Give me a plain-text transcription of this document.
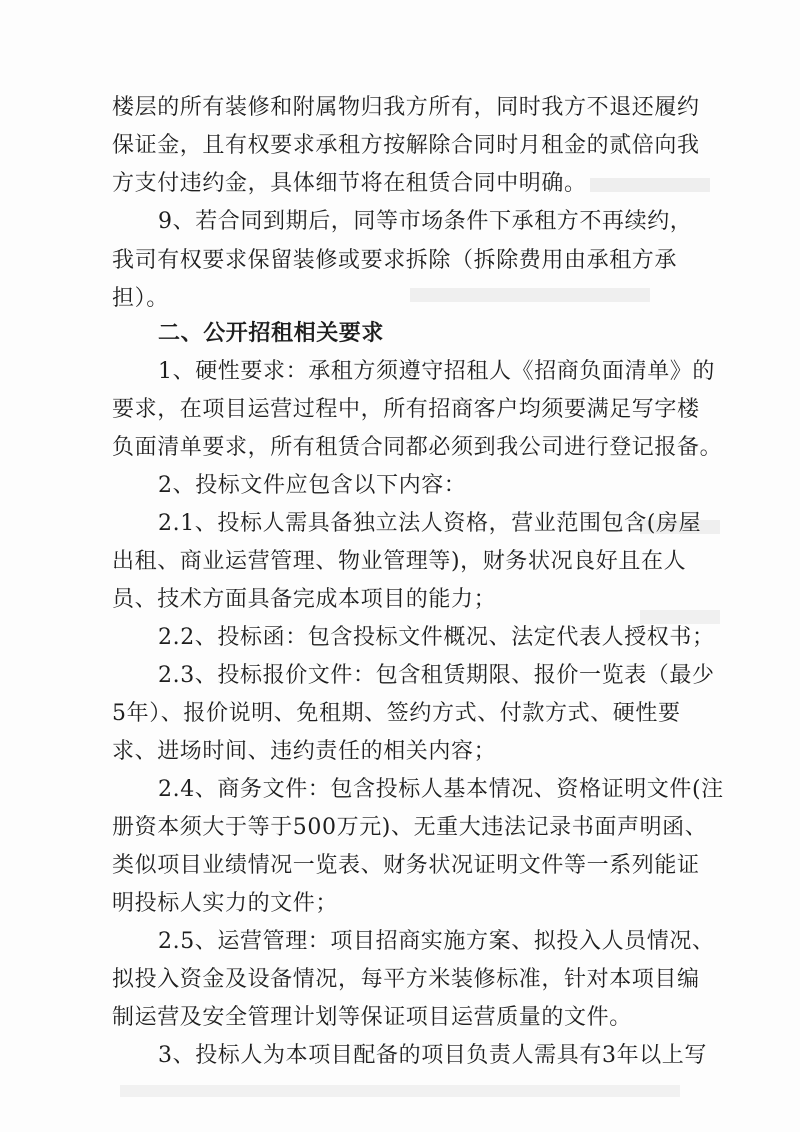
楼层的所有装修和附属物归我方所有，同时我方不退还履约
保证金，且有权要求承租方按解除合同时月租金的贰倍向我
方支付违约金，具体细节将在租赁合同中明确。
9、若合同到期后，同等市场条件下承租方不再续约，
我司有权要求保留装修或要求拆除（拆除费用由承租方承
担）。
二、公开招租相关要求
1、硬性要求：承租方须遵守招租人《招商负面清单》的
要求，在项目运营过程中，所有招商客户均须要满足写字楼
负面清单要求，所有租赁合同都必须到我公司进行登记报备。
2、投标文件应包含以下内容：
2.1、投标人需具备独立法人资格，营业范围包含(房屋
出租、商业运营管理、物业管理等)，财务状况良好且在人
员、技术方面具备完成本项目的能力；
2.2、投标函：包含投标文件概况、法定代表人授权书；
2.3、投标报价文件：包含租赁期限、报价一览表（最少
5年）、报价说明、免租期、签约方式、付款方式、硬性要
求、进场时间、违约责任的相关内容；
2.4、商务文件：包含投标人基本情况、资格证明文件(注
册资本须大于等于500万元)、无重大违法记录书面声明函、
类似项目业绩情况一览表、财务状况证明文件等一系列能证
明投标人实力的文件；
2.5、运营管理：项目招商实施方案、拟投入人员情况、
拟投入资金及设备情况，每平方米装修标准，针对本项目编
制运营及安全管理计划等保证项目运营质量的文件。
3、投标人为本项目配备的项目负责人需具有3年以上写
